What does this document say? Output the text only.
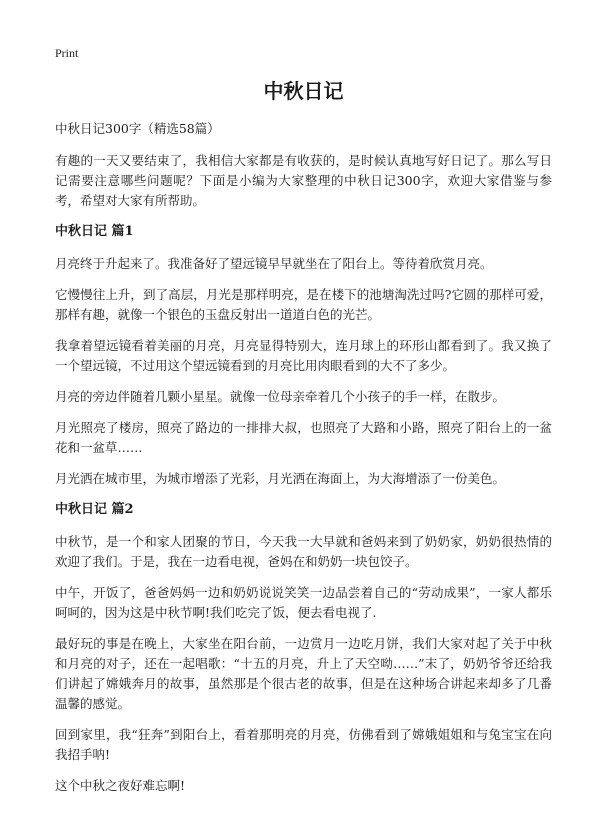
Print
中秋日记

中秋日记300字（精选58篇）

有趣的一天又要结束了，我相信大家都是有收获的，是时候认真地写好日记了。那么写日记需要注意哪些问题呢？下面是小编为大家整理的中秋日记300字，欢迎大家借鉴与参考，希望对大家有所帮助。

中秋日记 篇1

月亮终于升起来了。我准备好了望远镜早早就坐在了阳台上。等待着欣赏月亮。

它慢慢往上升，到了高层，月光是那样明亮，是在楼下的池塘淘洗过吗?它圆的那样可爱，那样有趣，就像一个银色的玉盘反射出一道道白色的光芒。

我拿着望远镜看着美丽的月亮，月亮显得特别大，连月球上的环形山都看到了。我又换了一个望远镜，不过用这个望远镜看到的月亮比用肉眼看到的大不了多少。

月亮的旁边伴随着几颗小星星。就像一位母亲牵着几个小孩子的手一样，在散步。

月光照亮了楼房，照亮了路边的一排排大叔，也照亮了大路和小路，照亮了阳台上的一盆花和一盆草……

月光洒在城市里，为城市增添了光彩，月光洒在海面上，为大海增添了一份美色。

中秋日记 篇2

中秋节，是一个和家人团聚的节日，今天我一大早就和爸妈来到了奶奶家，奶奶很热情的欢迎了我们。于是，我在一边看电视，爸妈在和奶奶一块包饺子。

中午，开饭了，爸爸妈妈一边和奶奶说说笑笑一边品尝着自己的“劳动成果”，一家人都乐呵呵的，因为这是中秋节啊!我们吃完了饭，便去看电视了.

最好玩的事是在晚上，大家坐在阳台前，一边赏月一边吃月饼，我们大家对起了关于中秋和月亮的对子，还在一起唱歌：“十五的月亮，升上了天空呦……”末了，奶奶爷爷还给我们讲起了嫦娥奔月的故事，虽然那是个很古老的故事，但是在这种场合讲起来却多了几番温馨的感觉。

回到家里，我“狂奔”到阳台上，看着那明亮的月亮，仿佛看到了嫦娥姐姐和与兔宝宝在向我招手呐!

这个中秋之夜好难忘啊!
